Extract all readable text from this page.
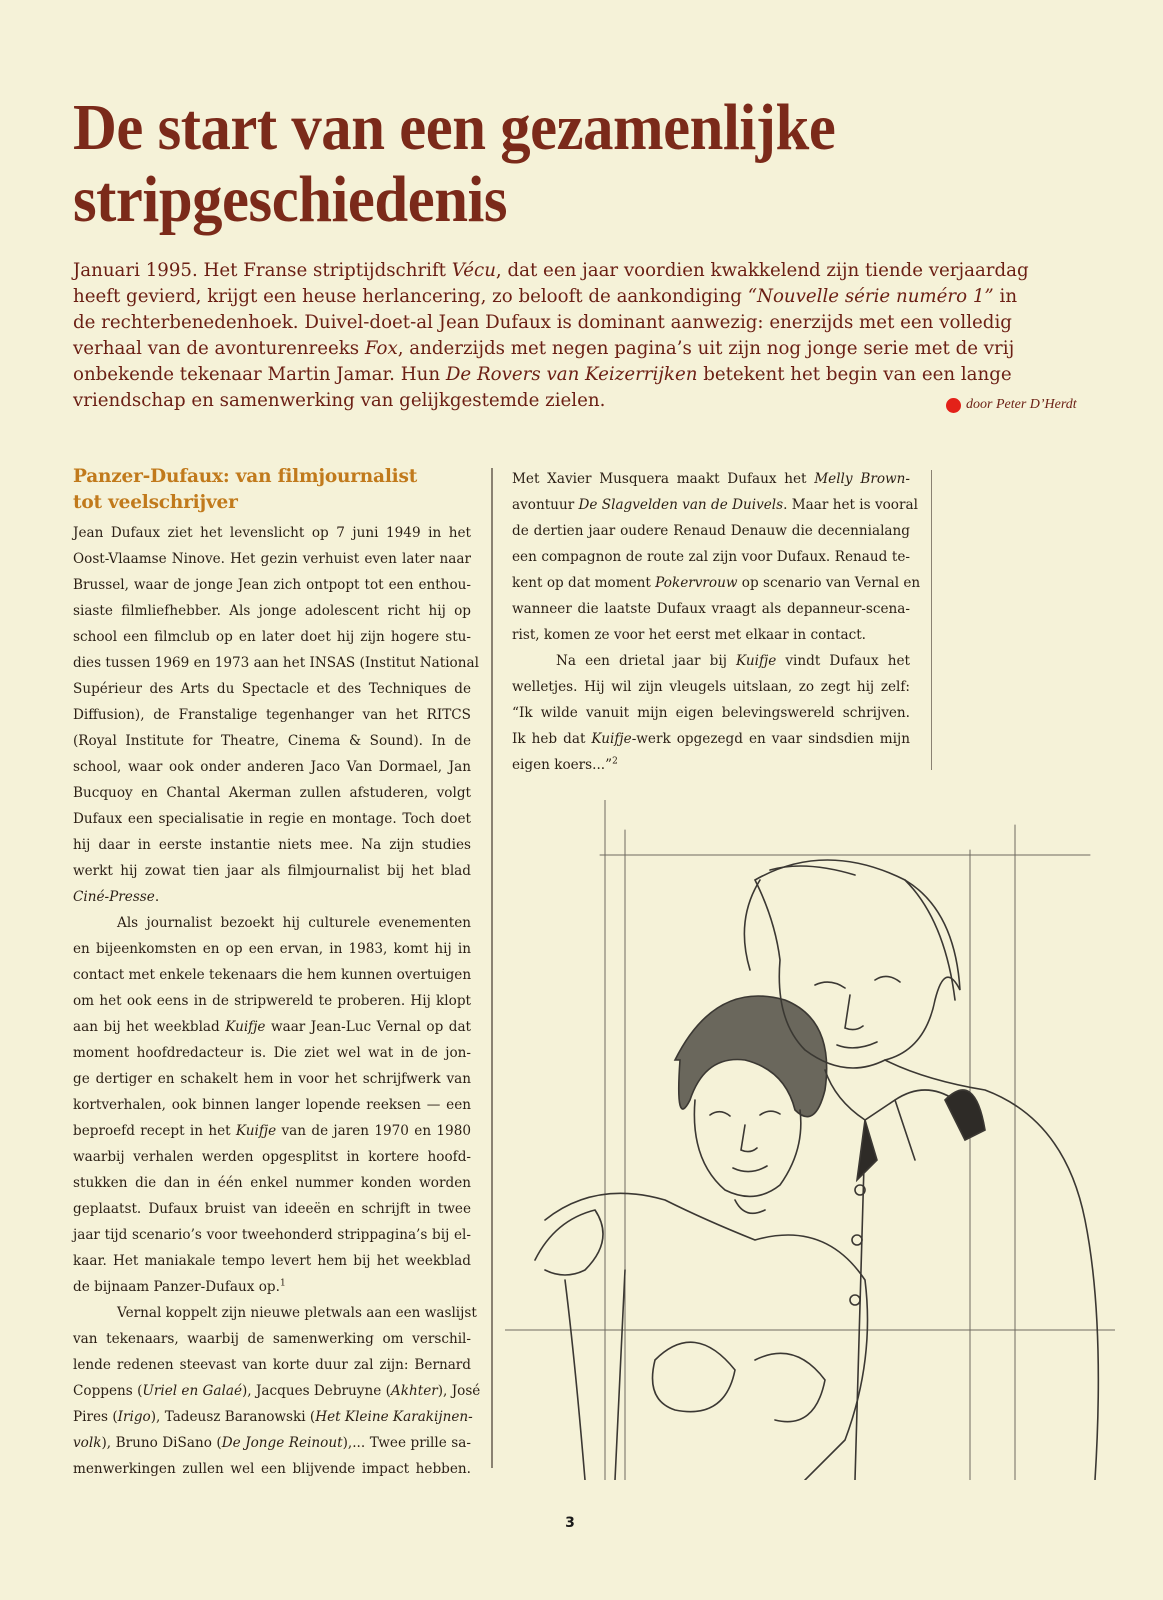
De start van een gezamenlijke
stripgeschiedenis
Januari 1995. Het Franse striptijdschrift Vécu, dat een jaar voordien kwakkelend zijn tiende verjaardag
heeft gevierd, krijgt een heuse herlancering, zo belooft de aankondiging “Nouvelle série numéro 1” in
de rechterbenedenhoek. Duivel-doet-al Jean Dufaux is dominant aanwezig: enerzijds met een volledig
verhaal van de avonturenreeks Fox, anderzijds met negen pagina’s uit zijn nog jonge serie met de vrij
onbekende tekenaar Martin Jamar. Hun De Rovers van Keizerrijken betekent het begin van een lange
vriendschap en samenwerking van gelijkgestemde zielen.	door Peter D’Herdt
Panzer-Dufaux: van filmjournalist
tot veelschrijver
Jean Dufaux ziet het levenslicht op 7 juni 1949 in het
Oost-Vlaamse Ninove. Het gezin verhuist even later naar
Brussel, waar de jonge Jean zich ontpopt tot een enthou-
siaste filmliefhebber. Als jonge adolescent richt hij op
school een filmclub op en later doet hij zijn hogere stu-
dies tussen 1969 en 1973 aan het INSAS (Institut National
Supérieur des Arts du Spectacle et des Techniques de
Diffusion), de Franstalige tegenhanger van het RITCS
(Royal Institute for Theatre, Cinema & Sound). In de
school, waar ook onder anderen Jaco Van Dormael, Jan
Bucquoy en Chantal Akerman zullen afstuderen, volgt
Dufaux een specialisatie in regie en montage. Toch doet
hij daar in eerste instantie niets mee. Na zijn studies
werkt hij zowat tien jaar als filmjournalist bij het blad
Ciné-Presse.
Als journalist bezoekt hij culturele evenementen
en bijeenkomsten en op een ervan, in 1983, komt hij in
contact met enkele tekenaars die hem kunnen overtuigen
om het ook eens in de stripwereld te proberen. Hij klopt
aan bij het weekblad Kuifje waar Jean-Luc Vernal op dat
moment hoofdredacteur is. Die ziet wel wat in de jon-
ge dertiger en schakelt hem in voor het schrijfwerk van
kortverhalen, ook binnen langer lopende reeksen — een
beproefd recept in het Kuifje van de jaren 1970 en 1980
waarbij verhalen werden opgesplitst in kortere hoofd-
stukken die dan in één enkel nummer konden worden
geplaatst. Dufaux bruist van ideeën en schrijft in twee
jaar tijd scenario’s voor tweehonderd strippagina’s bij el-
kaar. Het maniakale tempo levert hem bij het weekblad
de bijnaam Panzer-Dufaux op.$^1$
Vernal koppelt zijn nieuwe pletwals aan een waslijst
van tekenaars, waarbij de samenwerking om verschil-
lende redenen steevast van korte duur zal zijn: Bernard
Coppens (Uriel en Galaé), Jacques Debruyne (Akhter), José
Pires (Irigo), Tadeusz Baranowski (Het Kleine Karakijnen-
volk), Bruno DiSano (De Jonge Reinout),... Twee prille sa-
menwerkingen zullen wel een blijvende impact hebben.
Met Xavier Musquera maakt Dufaux het Melly Brown-
avontuur De Slagvelden van de Duivels. Maar het is vooral
de dertien jaar oudere Renaud Denauw die decennialang
een compagnon de route zal zijn voor Dufaux. Renaud te-
kent op dat moment Pokervrouw op scenario van Vernal en
wanneer die laatste Dufaux vraagt als depanneur-scena-
rist, komen ze voor het eerst met elkaar in contact.
Na een drietal jaar bij Kuifje vindt Dufaux het
welletjes. Hij wil zijn vleugels uitslaan, zo zegt hij zelf:
“Ik wilde vanuit mijn eigen belevingswereld schrijven.
Ik heb dat Kuifje-werk opgezegd en vaar sindsdien mijn
eigen koers...”$^2$
3
